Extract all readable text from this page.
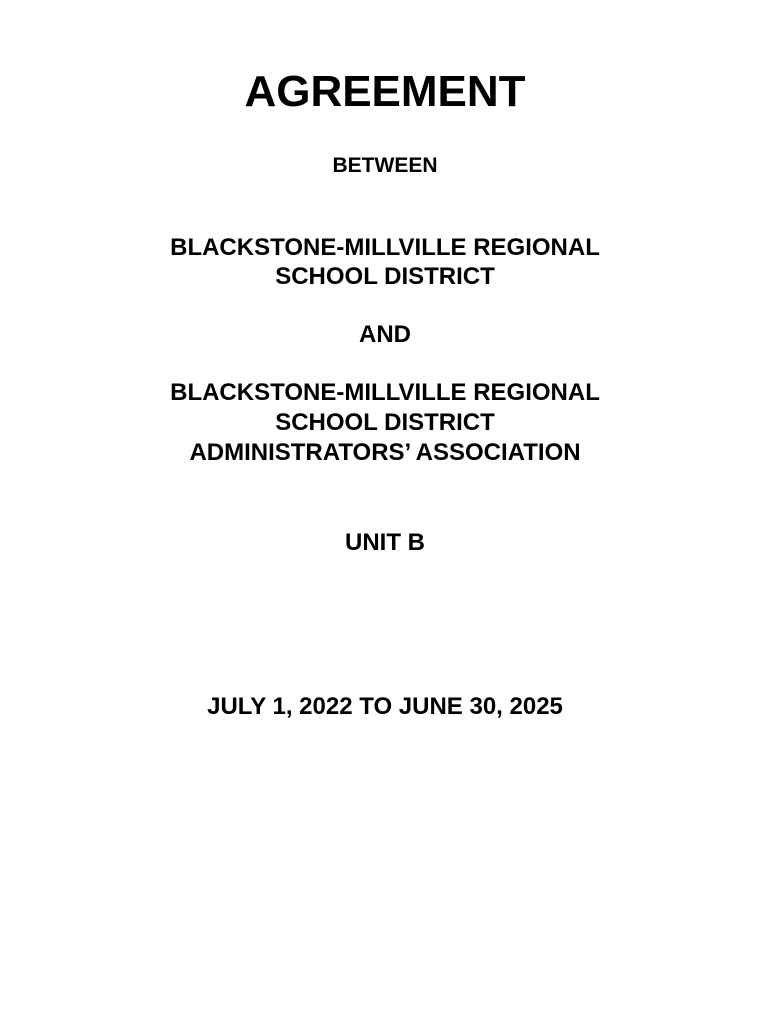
AGREEMENT
BETWEEN
BLACKSTONE-MILLVILLE REGIONAL
SCHOOL DISTRICT
AND
BLACKSTONE-MILLVILLE REGIONAL
SCHOOL DISTRICT
ADMINISTRATORS’ ASSOCIATION
UNIT B
JULY 1, 2022 TO JUNE 30, 2025
